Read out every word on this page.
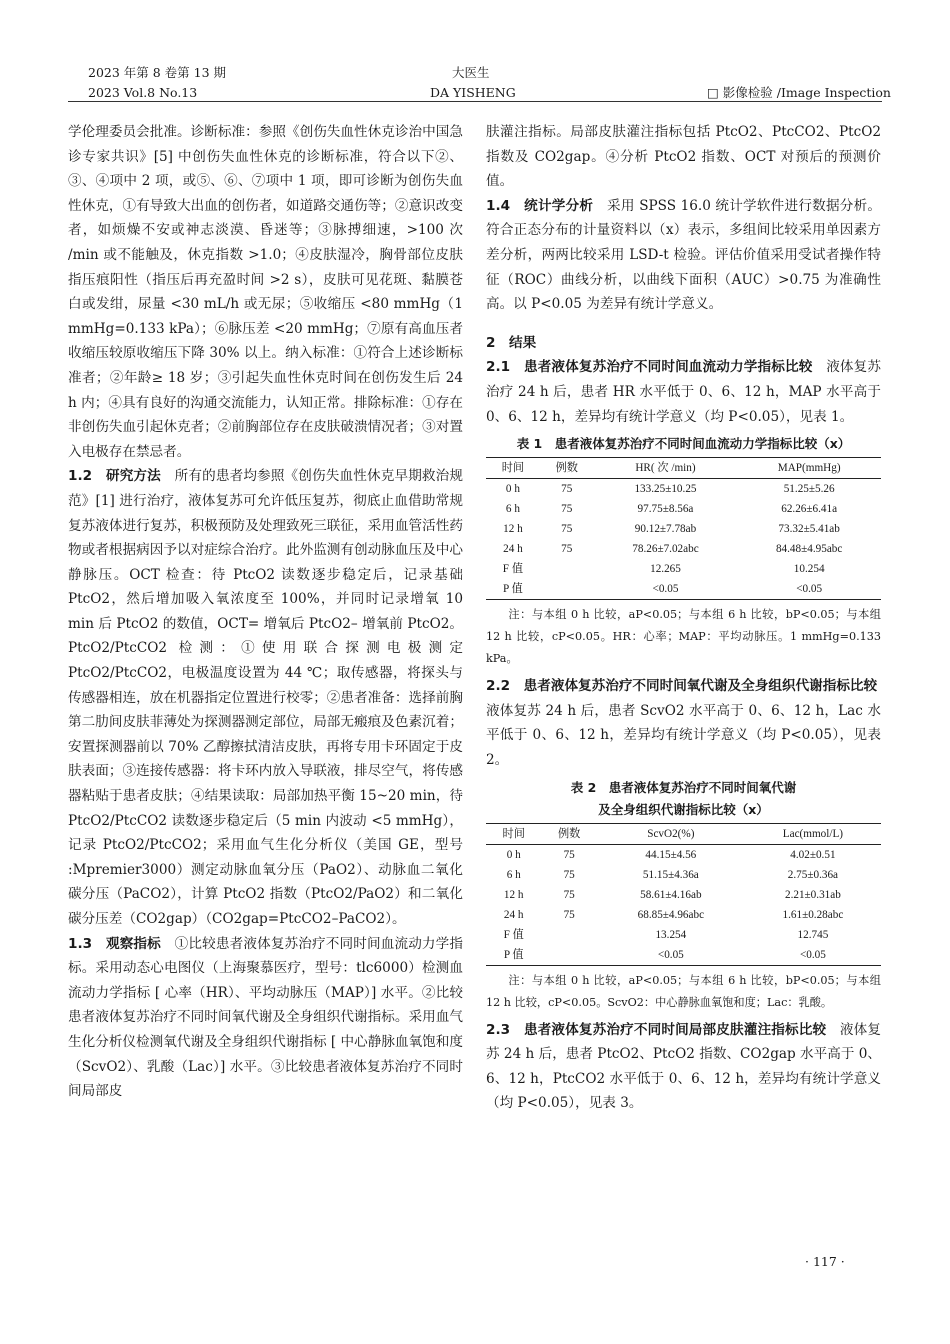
2023 年第 8 卷第 13 期
2023 Vol.8 No.13
大医生
DA YISHENG	□ 影像检验 /Image Inspection

学伦理委员会批准。诊断标准：参照《创伤失血性休克诊治中国急诊专家共识》[5] 中创伤失血性休克的诊断标准，符合以下②、③、④项中 2 项，或⑤、⑥、⑦项中 1 项，即可诊断为创伤失血性休克，①有导致大出血的创伤者，如道路交通伤等；②意识改变者，如烦燥不安或神志淡漠、昏迷等；③脉搏细速，>100 次 /min 或不能触及，休克指数 >1.0；④皮肤湿冷，胸骨部位皮肤指压痕阳性（指压后再充盈时间 >2 s），皮肤可见花斑、黏膜苍白或发绀，尿量 <30 mL/h 或无尿；⑤收缩压 <80 mmHg（1 mmHg=0.133 kPa）；⑥脉压差 <20 mmHg；⑦原有高血压者收缩压较原收缩压下降 30% 以上。纳入标准：①符合上述诊断标准者；②年龄≥ 18 岁；③引起失血性休克时间在创伤发生后 24 h 内；④具有良好的沟通交流能力，认知正常。排除标准：①存在非创伤失血引起休克者；②前胸部位存在皮肤破溃情况者；③对置入电极存在禁忌者。

1.2　研究方法　所有的患者均参照《创伤失血性休克早期救治规范》[1] 进行治疗，液体复苏可允许低压复苏，彻底止血借助常规复苏液体进行复苏，积极预防及处理致死三联征，采用血管活性药物或者根据病因予以对症综合治疗。此外监测有创动脉血压及中心静脉压。OCT 检查：待 PtcO2 读数逐步稳定后，记录基础 PtcO2，然后增加吸入氧浓度至 100%，并同时记录增氧 10 min 后 PtcO2 的数值，OCT= 增氧后 PtcO2– 增氧前 PtcO2。PtcO2/PtcCO2 检测：①使用联合探测电极测定 PtcO2/PtcCO2，电极温度设置为 44 ℃；取传感器，将探头与传感器相连，放在机器指定位置进行校零；②患者准备：选择前胸第二肋间皮肤菲薄处为探测器测定部位，局部无瘢痕及色素沉着；安置探测器前以 70% 乙醇擦拭清洁皮肤，再将专用卡环固定于皮肤表面；③连接传感器：将卡环内放入导联液，排尽空气，将传感器粘贴于患者皮肤；④结果读取：局部加热平衡 15~20 min，待 PtcO2/PtcCO2 读数逐步稳定后（5 min 内波动 <5 mmHg），记录 PtcO2/PtcCO2；采用血气生化分析仪（美国 GE，型号 :Mpremier3000）测定动脉血氧分压（PaO2）、动脉血二氧化碳分压（PaCO2），计算 PtcO2 指数（PtcO2/PaO2）和二氧化碳分压差（CO2gap）（CO2gap=PtcCO2–PaCO2）。

1.3　观察指标　①比较患者液体复苏治疗不同时间血流动力学指标。采用动态心电图仪（上海聚慕医疗，型号：tlc6000）检测血流动力学指标 [ 心率（HR）、平均动脉压（MAP）] 水平。②比较患者液体复苏治疗不同时间氧代谢及全身组织代谢指标。采用血气生化分析仪检测氧代谢及全身组织代谢指标 [ 中心静脉血氧饱和度（ScvO2）、乳酸（Lac）] 水平。③比较患者液体复苏治疗不同时间局部皮

肤灌注指标。局部皮肤灌注指标包括 PtcO2、PtcCO2、PtcO2 指数及 CO2gap。④分析 PtcO2 指数、OCT 对预后的预测价值。

1.4　统计学分析　采用 SPSS 16.0 统计学软件进行数据分析。符合正态分布的计量资料以（x）表示，多组间比较采用单因素方差分析，两两比较采用 LSD-t 检验。评估价值采用受试者操作特征（ROC）曲线分析，以曲线下面积（AUC）>0.75 为准确性高。以 P<0.05 为差异有统计学意义。

2　结果

2.1　患者液体复苏治疗不同时间血流动力学指标比较　液体复苏治疗 24 h 后，患者 HR 水平低于 0、6、12 h，MAP 水平高于 0、6、12 h，差异均有统计学意义（均 P<0.05），见表 1。

表 1　患者液体复苏治疗不同时间血流动力学指标比较（x）
时间	例数	HR( 次 /min)	MAP(mmHg)
0 h	75	133.25±10.25	51.25±5.26
6 h	75	97.75±8.56a	62.26±6.41a
12 h	75	90.12±7.78ab	73.32±5.41ab
24 h	75	78.26±7.02abc	84.48±4.95abc
F 值		12.265	10.254
P 值		<0.05	<0.05

注：与本组 0 h 比较，aP<0.05；与本组 6 h 比较，bP<0.05；与本组 12 h 比较，cP<0.05。HR：心率；MAP：平均动脉压。1 mmHg=0.133 kPa。

2.2　患者液体复苏治疗不同时间氧代谢及全身组织代谢指标比较　液体复苏 24 h 后，患者 ScvO2 水平高于 0、6、12 h，Lac 水平低于 0、6、12 h，差异均有统计学意义（均 P<0.05），见表 2。

表 2　患者液体复苏治疗不同时间氧代谢
及全身组织代谢指标比较（x）
时间	例数	ScvO2(%)	Lac(mmol/L)
0 h	75	44.15±4.56	4.02±0.51
6 h	75	51.15±4.36a	2.75±0.36a
12 h	75	58.61±4.16ab	2.21±0.31ab
24 h	75	68.85±4.96abc	1.61±0.28abc
F 值		13.254	12.745
P 值		<0.05	<0.05

注：与本组 0 h 比较，aP<0.05；与本组 6 h 比较，bP<0.05；与本组 12 h 比较，cP<0.05。ScvO2：中心静脉血氧饱和度；Lac：乳酸。

2.3　患者液体复苏治疗不同时间局部皮肤灌注指标比较　液体复苏 24 h 后，患者 PtcO2、PtcO2 指数、CO2gap 水平高于 0、6、12 h，PtcCO2 水平低于 0、6、12 h，差异均有统计学意义（均 P<0.05），见表 3。

· 117 ·
